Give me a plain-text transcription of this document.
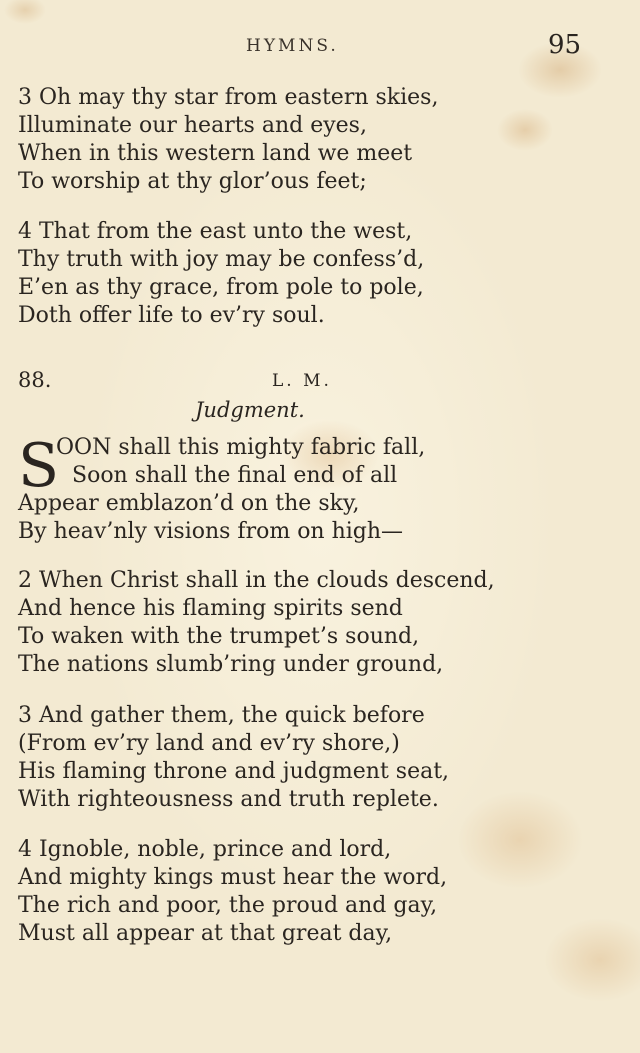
HYMNS.	95
3 Oh may thy star from eastern skies,
Illuminate our hearts and eyes,
When in this western land we meet
To worship at thy glor’ous feet;
4 That from the east unto the west,
Thy truth with joy may be confess’d,
E’en as thy grace, from pole to pole,
Doth offer life to ev’ry soul.
88.	L. M.
Judgment.
S
OON shall this mighty fabric fall,
Soon shall the final end of all
Appear emblazon’d on the sky,
By heav’nly visions from on high—
2 When Christ shall in the clouds descend,
And hence his flaming spirits send
To waken with the trumpet’s sound,
The nations slumb’ring under ground,
3 And gather them, the quick before
(From ev’ry land and ev’ry shore,)
His flaming throne and judgment seat,
With righteousness and truth replete.
4 Ignoble, noble, prince and lord,
And mighty kings must hear the word,
The rich and poor, the proud and gay,
Must all appear at that great day,
